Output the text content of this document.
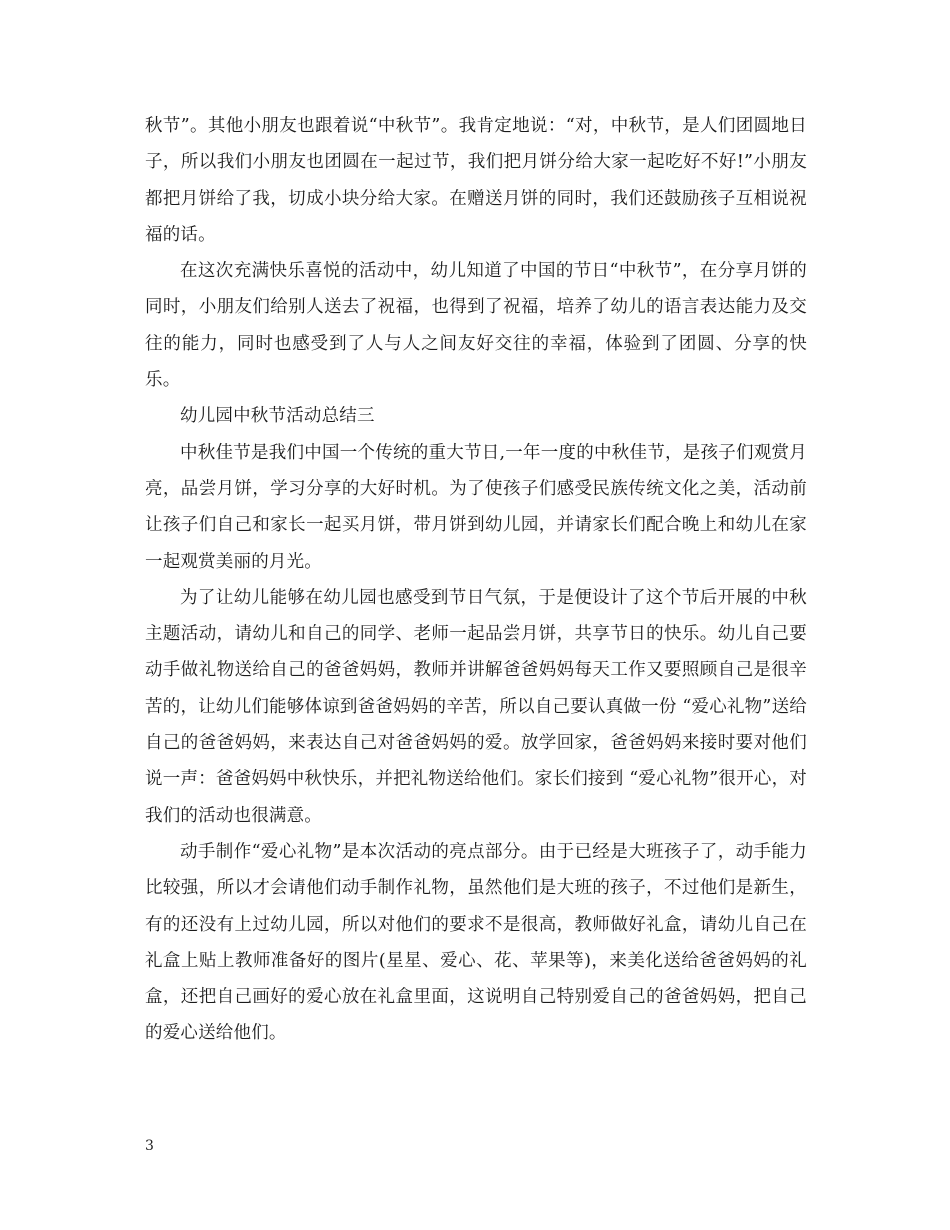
秋节”。其他小朋友也跟着说“中秋节”。我肯定地说：“对，中秋节，是人们团圆地日子，所以我们小朋友也团圆在一起过节，我们把月饼分给大家一起吃好不好!”小朋友都把月饼给了我，切成小块分给大家。在赠送月饼的同时，我们还鼓励孩子互相说祝福的话。

在这次充满快乐喜悦的活动中，幼儿知道了中国的节日“中秋节”，在分享月饼的同时，小朋友们给别人送去了祝福，也得到了祝福，培养了幼儿的语言表达能力及交往的能力，同时也感受到了人与人之间友好交往的幸福，体验到了团圆、分享的快乐。

幼儿园中秋节活动总结三

中秋佳节是我们中国一个传统的重大节日,一年一度的中秋佳节，是孩子们观赏月亮，品尝月饼，学习分享的大好时机。为了使孩子们感受民族传统文化之美，活动前让孩子们自己和家长一起买月饼，带月饼到幼儿园，并请家长们配合晚上和幼儿在家一起观赏美丽的月光。

为了让幼儿能够在幼儿园也感受到节日气氛，于是便设计了这个节后开展的中秋主题活动，请幼儿和自己的同学、老师一起品尝月饼，共享节日的快乐。幼儿自己要动手做礼物送给自己的爸爸妈妈，教师并讲解爸爸妈妈每天工作又要照顾自己是很辛苦的，让幼儿们能够体谅到爸爸妈妈的辛苦，所以自己要认真做一份 “爱心礼物”送给自己的爸爸妈妈，来表达自己对爸爸妈妈的爱。放学回家，爸爸妈妈来接时要对他们说一声：爸爸妈妈中秋快乐，并把礼物送给他们。家长们接到 “爱心礼物”很开心，对我们的活动也很满意。

动手制作“爱心礼物”是本次活动的亮点部分。由于已经是大班孩子了，动手能力比较强，所以才会请他们动手制作礼物，虽然他们是大班的孩子，不过他们是新生，有的还没有上过幼儿园，所以对他们的要求不是很高，教师做好礼盒，请幼儿自己在礼盒上贴上教师准备好的图片(星星、爱心、花、苹果等)，来美化送给爸爸妈妈的礼盒，还把自己画好的爱心放在礼盒里面，这说明自己特别爱自己的爸爸妈妈，把自己的爱心送给他们。

3
